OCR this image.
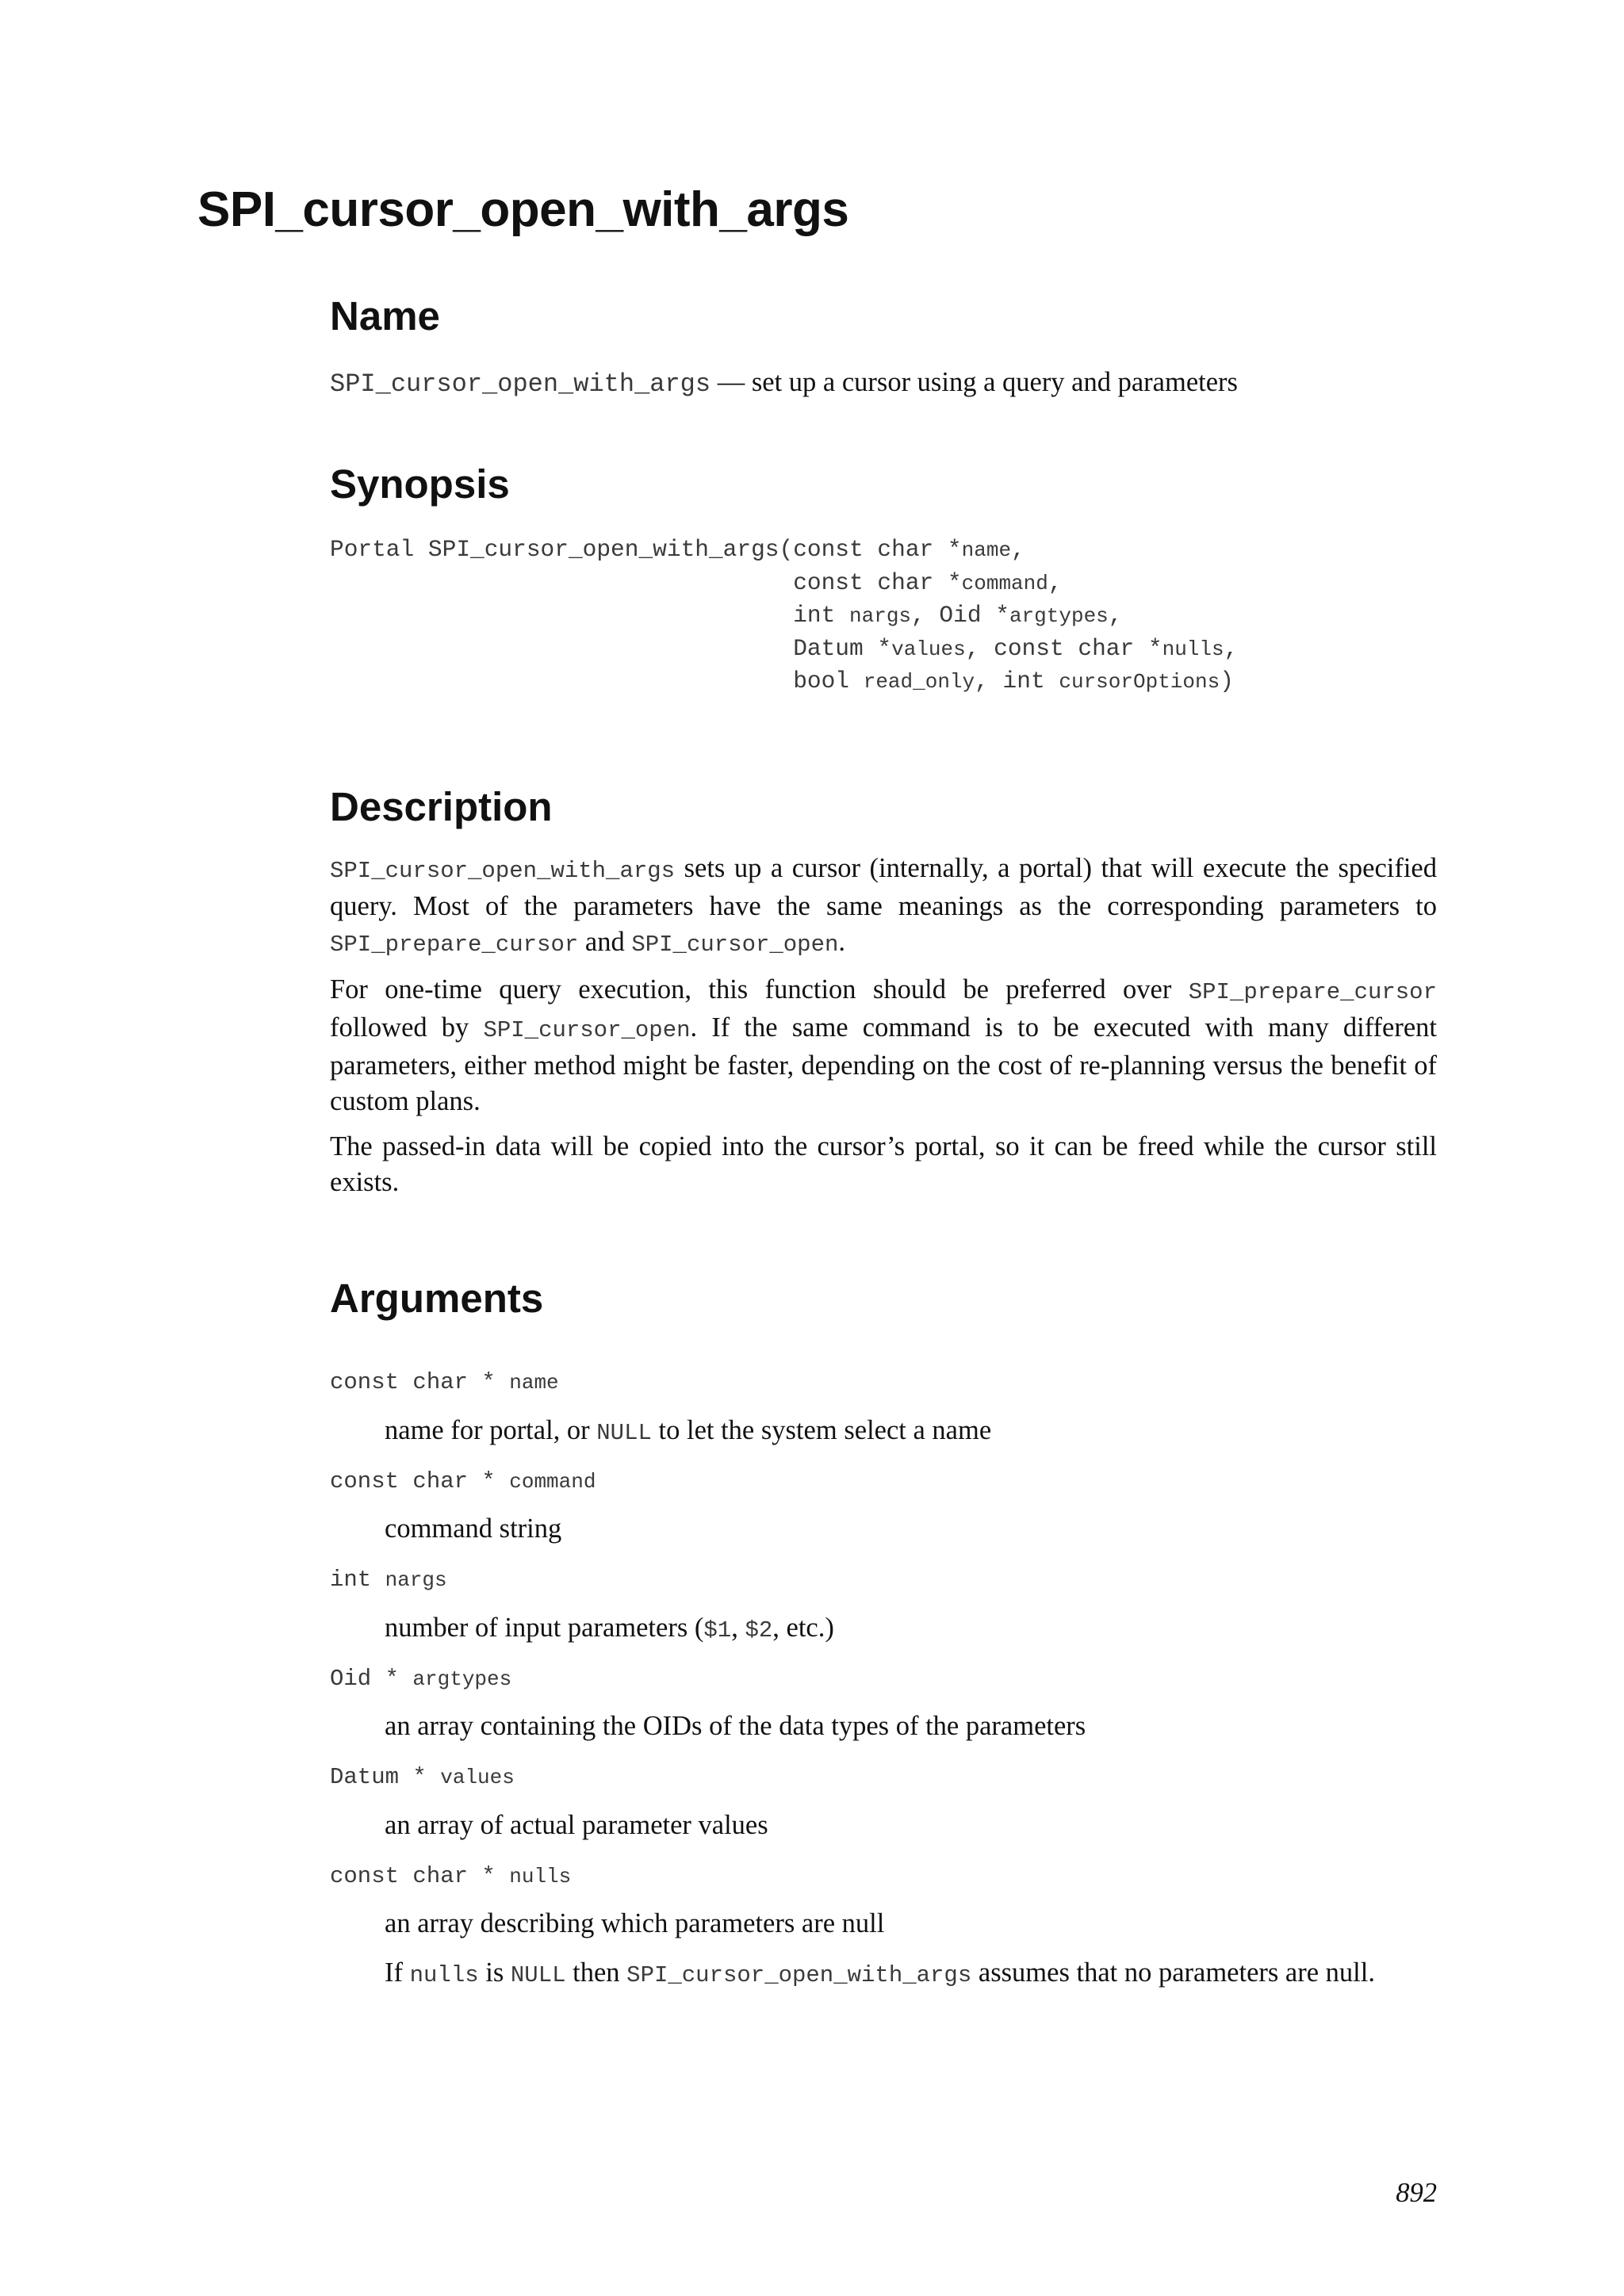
SPI_cursor_open_with_args
Name

SPI_cursor_open_with_args — set up a cursor using a query and parameters

Synopsis
Portal SPI_cursor_open_with_args(const char *name,
const char *command,
int nargs, Oid *argtypes,
Datum *values, const char *nulls,
bool read_only, int cursorOptions)
Description

SPI_cursor_open_with_args sets up a cursor (internally, a portal) that will execute the specified query. Most of the parameters have the same meanings as the corresponding parameters to SPI_prepare_cursor and SPI_cursor_open.

For one-time query execution, this function should be preferred over SPI_prepare_cursor followed by SPI_cursor_open. If the same command is to be executed with many different parameters, either method might be faster, depending on the cost of re-planning versus the benefit of custom plans.

The passed-in data will be copied into the cursor’s portal, so it can be freed while the cursor still exists.

Arguments
const char * name
name for portal, or NULL to let the system select a name
const char * command
command string
int nargs
number of input parameters ($1, $2, etc.)
Oid * argtypes
an array containing the OIDs of the data types of the parameters
Datum * values
an array of actual parameter values
const char * nulls
an array describing which parameters are null
If nulls is NULL then SPI_cursor_open_with_args assumes that no parameters are null.
892
